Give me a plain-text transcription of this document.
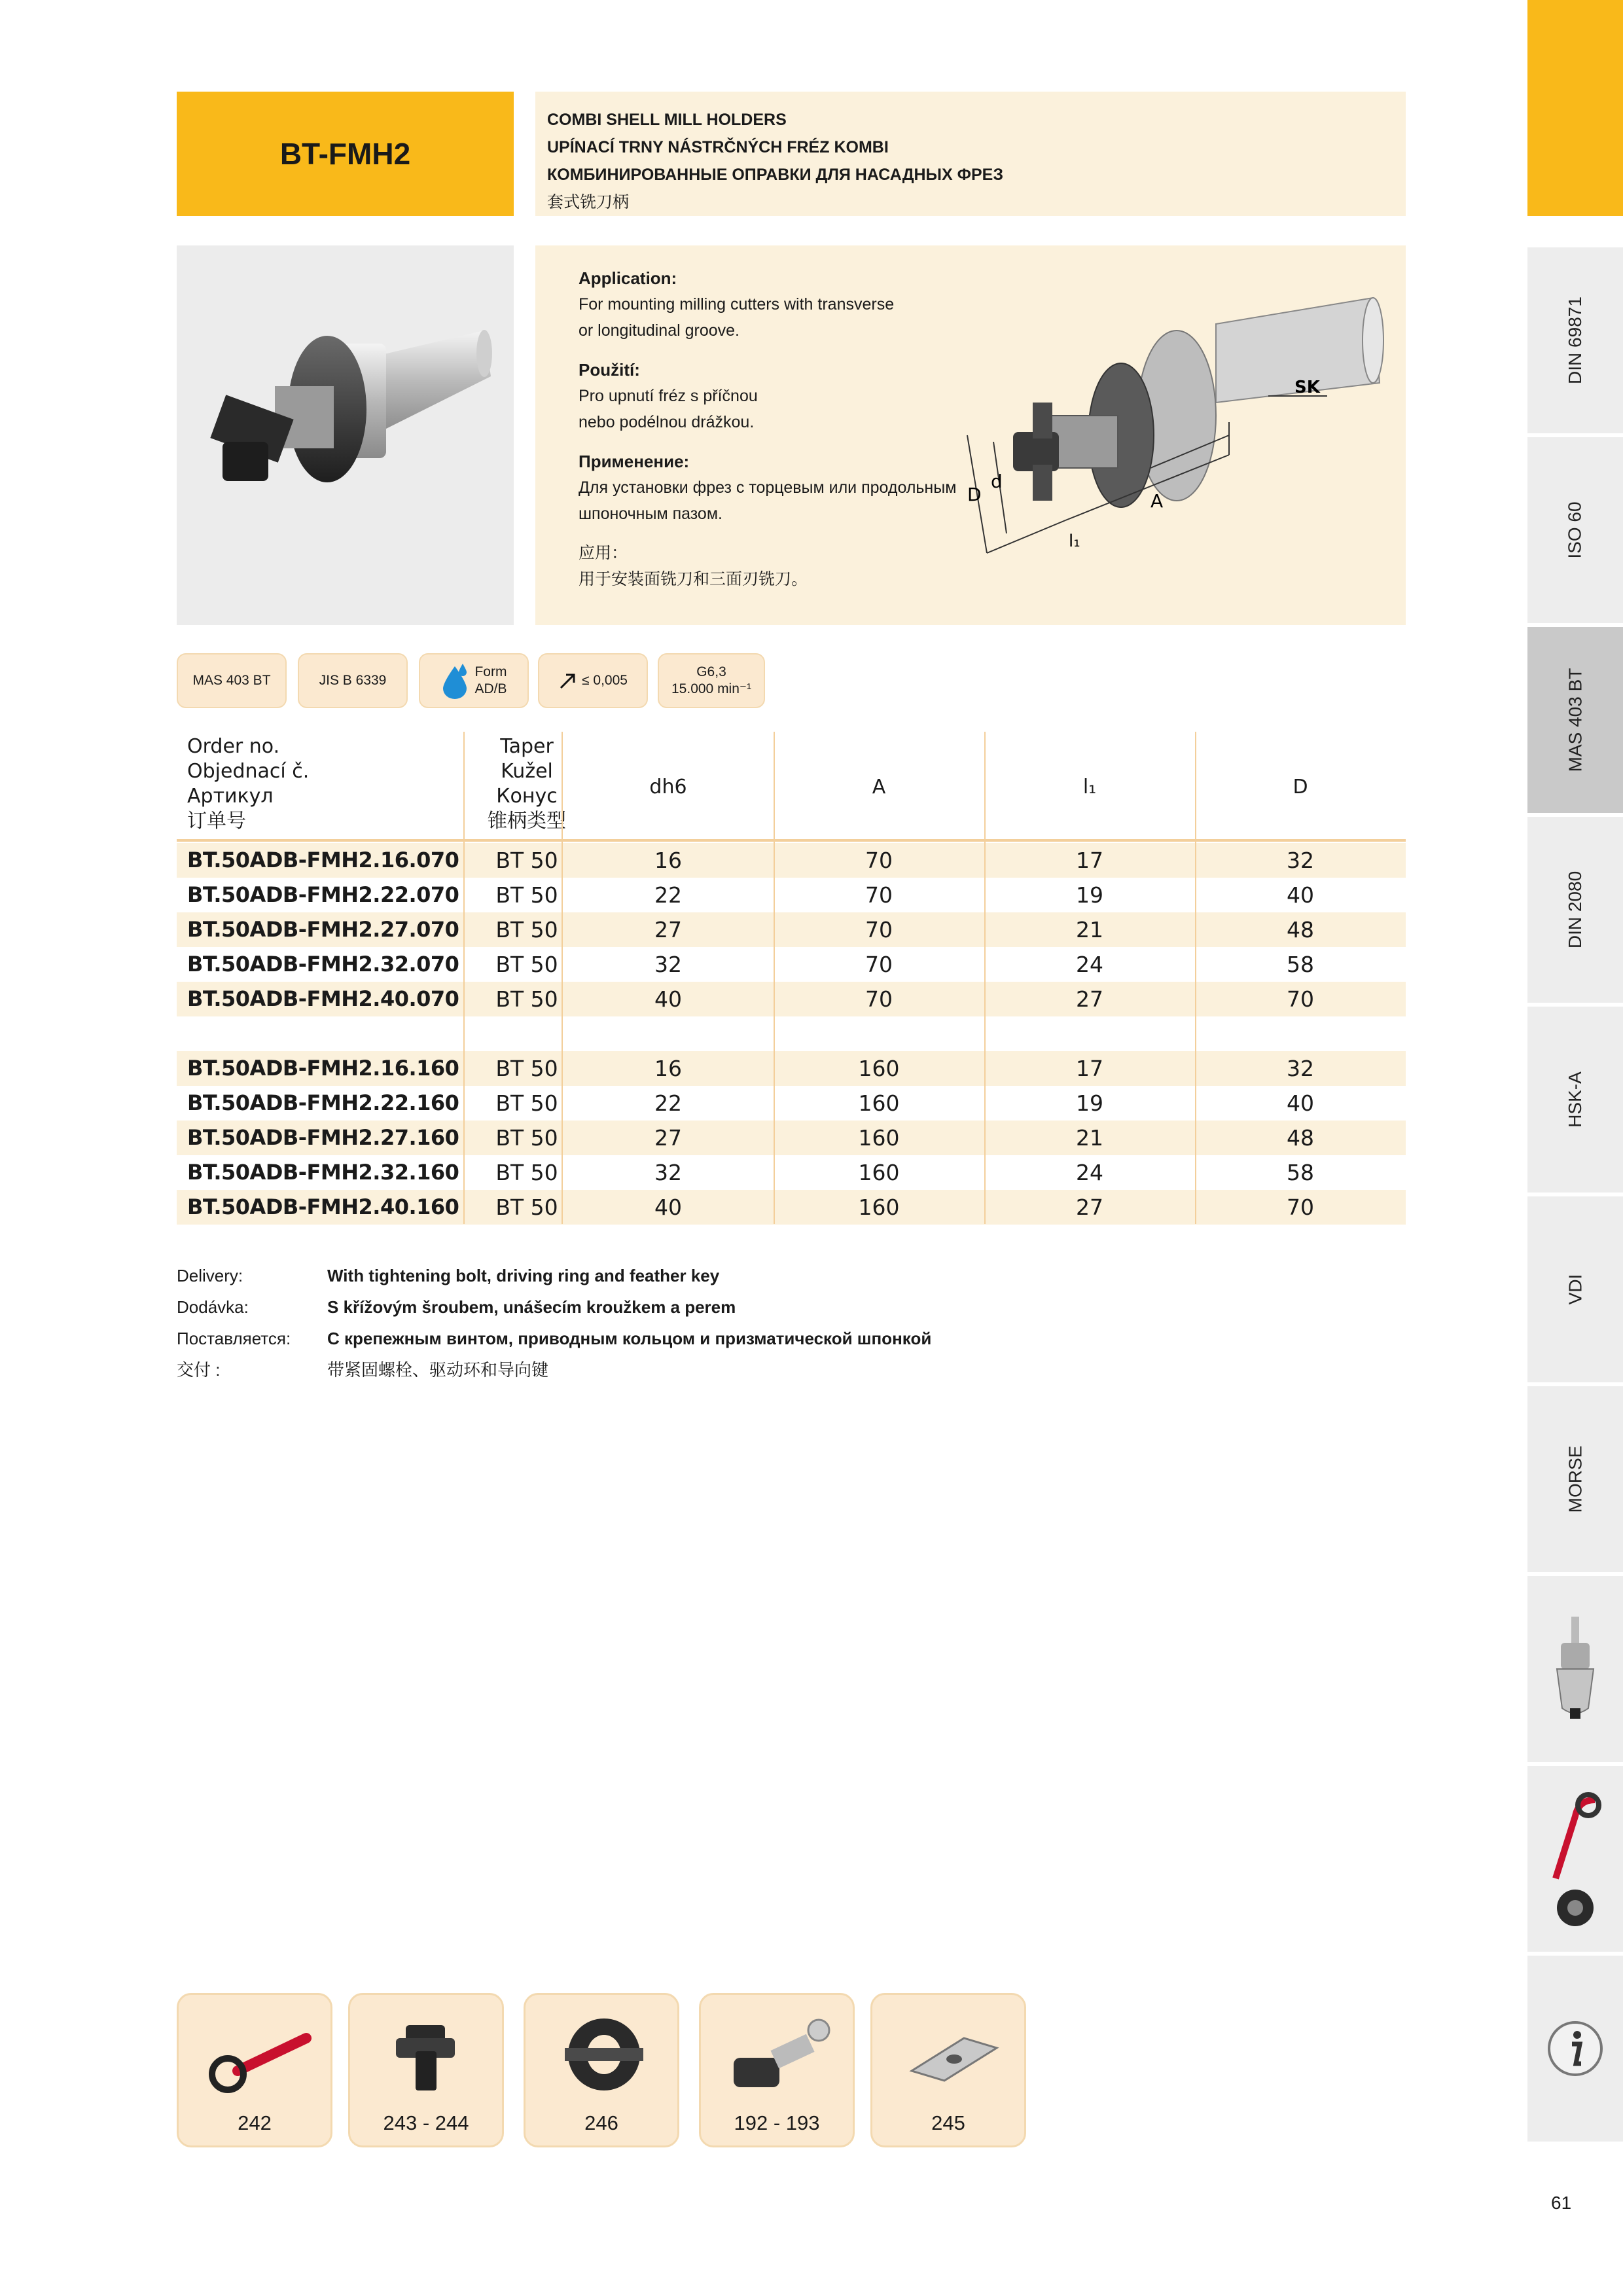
BT-FMH2
COMBI SHELL MILL HOLDERS
UPÍNACÍ TRNY NÁSTRČNÝCH FRÉZ KOMBI
КОМБИНИРОВАННЫЕ ОПРАВКИ ДЛЯ НАСАДНЫХ ФРЕЗ
套式铣刀柄
Application:
For mounting milling cutters with transverse
or longitudinal groove.
Použití:
Pro upnutí fréz s příčnou
nebo podélnou drážkou.
Применение:
Для установки фрез с торцевым или продольным
шпоночным пазом.
应用：
用于安装面铣刀和三面刃铣刀。
SK
D
d
l₁
A
MAS 403 BT	JIS B 6339
Form
AD/B
≤ 0,005
G6,3
15.000 min⁻¹
BT.50ADB-FMH2.16.070	BT 50	16	70	17	32
BT.50ADB-FMH2.22.070	BT 50	22	70	19	40
BT.50ADB-FMH2.27.070	BT 50	27	70	21	48
BT.50ADB-FMH2.32.070	BT 50	32	70	24	58
BT.50ADB-FMH2.40.070	BT 50	40	70	27	70
BT.50ADB-FMH2.16.160	BT 50	16	160	17	32
BT.50ADB-FMH2.22.160	BT 50	22	160	19	40
BT.50ADB-FMH2.27.160	BT 50	27	160	21	48
BT.50ADB-FMH2.32.160	BT 50	32	160	24	58
BT.50ADB-FMH2.40.160	BT 50	40	160	27	70
Order no.
Objednací č.
Артикул
订单号
Taper
Kužel
Конус
锥柄类型
dh6	A	l₁	D
Delivery:	With tightening bolt, driving ring and feather key
Dodávka:	S křížovým šroubem, unášecím kroužkem a perem
Поставляется:	С крепежным винтом, приводным кольцом и призматической шпонкой
交付 :	带紧固螺栓、驱动环和导向键
DIN 69871
ISO 60
MAS 403 BT
DIN 2080
HSK-A
VDI
MORSE
242	243 - 244	246	192 - 193	245
61
